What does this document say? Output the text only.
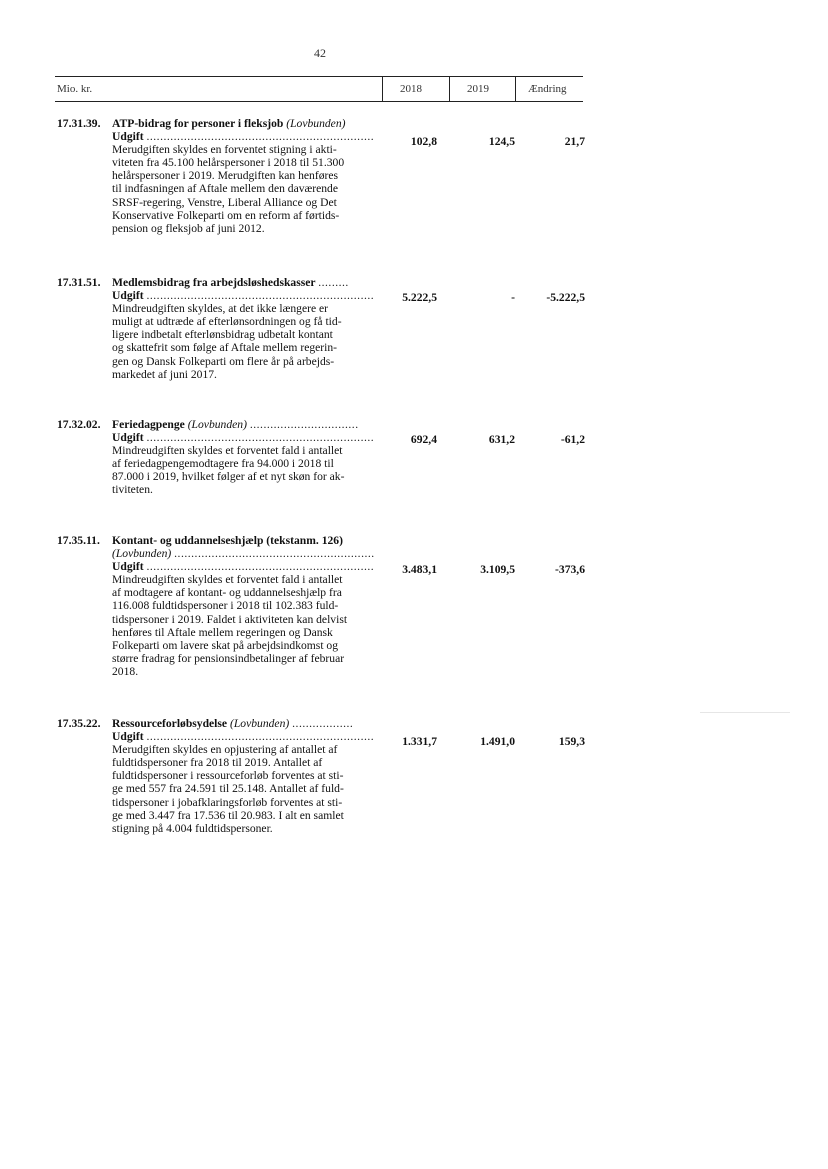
42
Mio. kr.	2018	2019	Ændring
17.31.39. ATP-bidrag for personer i fleksjob (Lovbunden)
Udgift ...................................................................
Merudgiften skyldes en forventet stigning i akti-
viteten fra 45.100 helårspersoner i 2018 til 51.300
helårspersoner i 2019. Merudgiften kan henføres
til indfasningen af Aftale mellem den daværende
SRSF-regering, Venstre, Liberal Alliance og Det
Konservative Folkeparti om en reform af førtids-
pension og fleksjob af juni 2012.
102,8	124,5	21,7
17.31.51. Medlemsbidrag fra arbejdsløshedskasser .........
Udgift ...................................................................
Mindreudgiften skyldes, at det ikke længere er
muligt at udtræde af efterlønsordningen og få tid-
ligere indbetalt efterlønsbidrag udbetalt kontant
og skattefrit som følge af Aftale mellem regerin-
gen og Dansk Folkeparti om flere år på arbejds-
markedet af juni 2017.
5.222,5	-	-5.222,5
17.32.02. Feriedagpenge (Lovbunden) ................................
Udgift ...................................................................
Mindreudgiften skyldes et forventet fald i antallet
af feriedagpengemodtagere fra 94.000 i 2018 til
87.000 i 2019, hvilket følger af et nyt skøn for ak-
tiviteten.
692,4	631,2	-61,2
17.35.11. Kontant- og uddannelseshjælp (tekstanm. 126)
(Lovbunden) ...........................................................
Udgift ...................................................................
Mindreudgiften skyldes et forventet fald i antallet
af modtagere af kontant- og uddannelseshjælp fra
116.008 fuldtidspersoner i 2018 til 102.383 fuld-
tidspersoner i 2019. Faldet i aktiviteten kan delvist
henføres til Aftale mellem regeringen og Dansk
Folkeparti om lavere skat på arbejdsindkomst og
større fradrag for pensionsindbetalinger af februar
2018.
3.483,1	3.109,5	-373,6
17.35.22. Ressourceforløbsydelse (Lovbunden) ..................
Udgift ...................................................................
Merudgiften skyldes en opjustering af antallet af
fuldtidspersoner fra 2018 til 2019. Antallet af
fuldtidspersoner i ressourceforløb forventes at sti-
ge med 557 fra 24.591 til 25.148. Antallet af fuld-
tidspersoner i jobafklaringsforløb forventes at sti-
ge med 3.447 fra 17.536 til 20.983. I alt en samlet
stigning på 4.004 fuldtidspersoner.
1.331,7	1.491,0	159,3
